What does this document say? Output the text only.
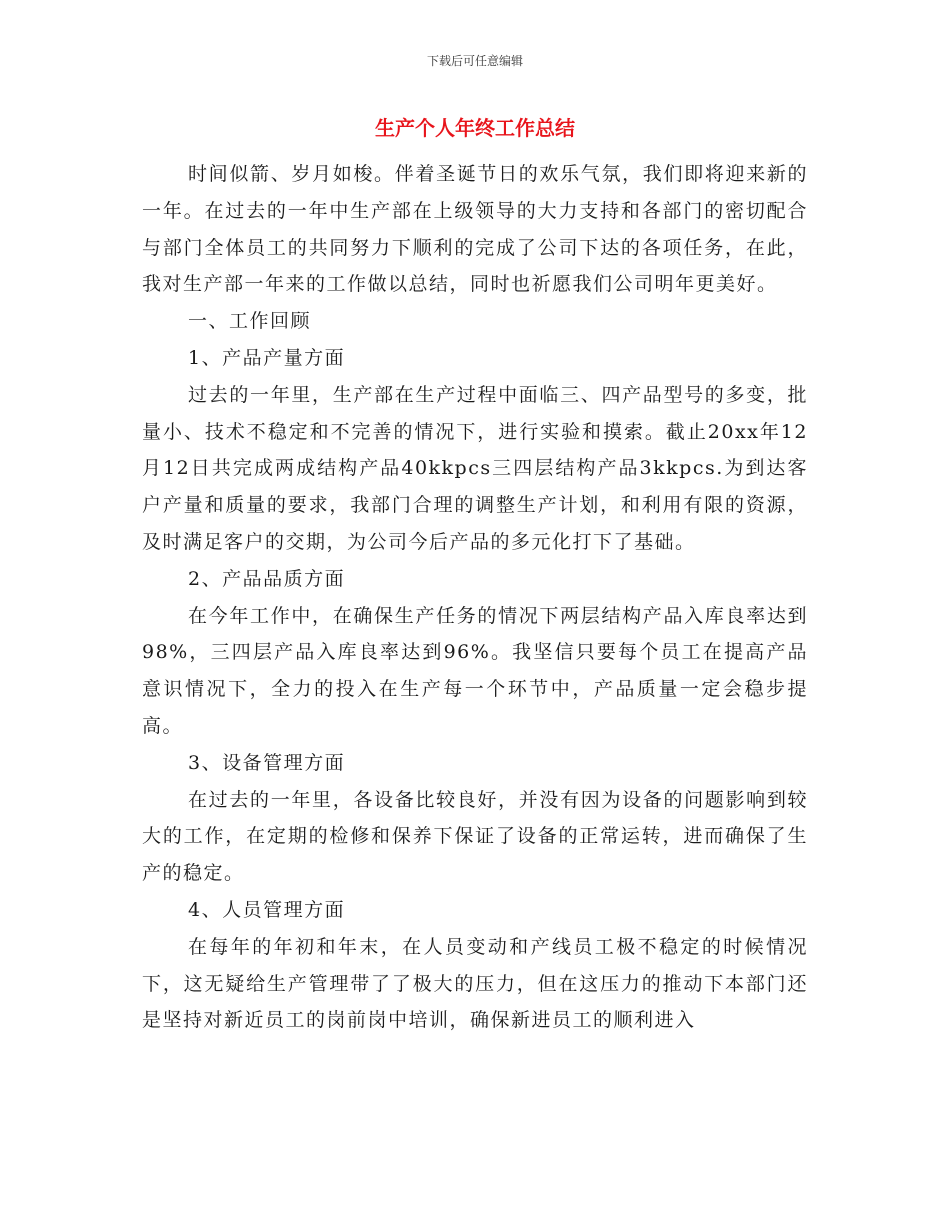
下载后可任意编辑
生产个人年终工作总结

时间似箭、岁月如梭。伴着圣诞节日的欢乐气氛，我们即将迎来新的一年。在过去的一年中生产部在上级领导的大力支持和各部门的密切配合与部门全体员工的共同努力下顺利的完成了公司下达的各项任务，在此，我对生产部一年来的工作做以总结，同时也祈愿我们公司明年更美好。

一、工作回顾

1、产品产量方面

过去的一年里，生产部在生产过程中面临三、四产品型号的多变，批量小、技术不稳定和不完善的情况下，进行实验和摸索。截止20xx年12月12日共完成两成结构产品40kkpcs三四层结构产品3kkpcs.为到达客户产量和质量的要求，我部门合理的调整生产计划，和利用有限的资源，及时满足客户的交期，为公司今后产品的多元化打下了基础。

2、产品品质方面

在今年工作中，在确保生产任务的情况下两层结构产品入库良率达到98%，三四层产品入库良率达到96%。我坚信只要每个员工在提高产品意识情况下，全力的投入在生产每一个环节中，产品质量一定会稳步提高。

3、设备管理方面

在过去的一年里，各设备比较良好，并没有因为设备的问题影响到较大的工作，在定期的检修和保养下保证了设备的正常运转，进而确保了生产的稳定。

4、人员管理方面

在每年的年初和年末，在人员变动和产线员工极不稳定的时候情况下，这无疑给生产管理带了了极大的压力，但在这压力的推动下本部门还是坚持对新近员工的岗前岗中培训，确保新进员工的顺利进入
